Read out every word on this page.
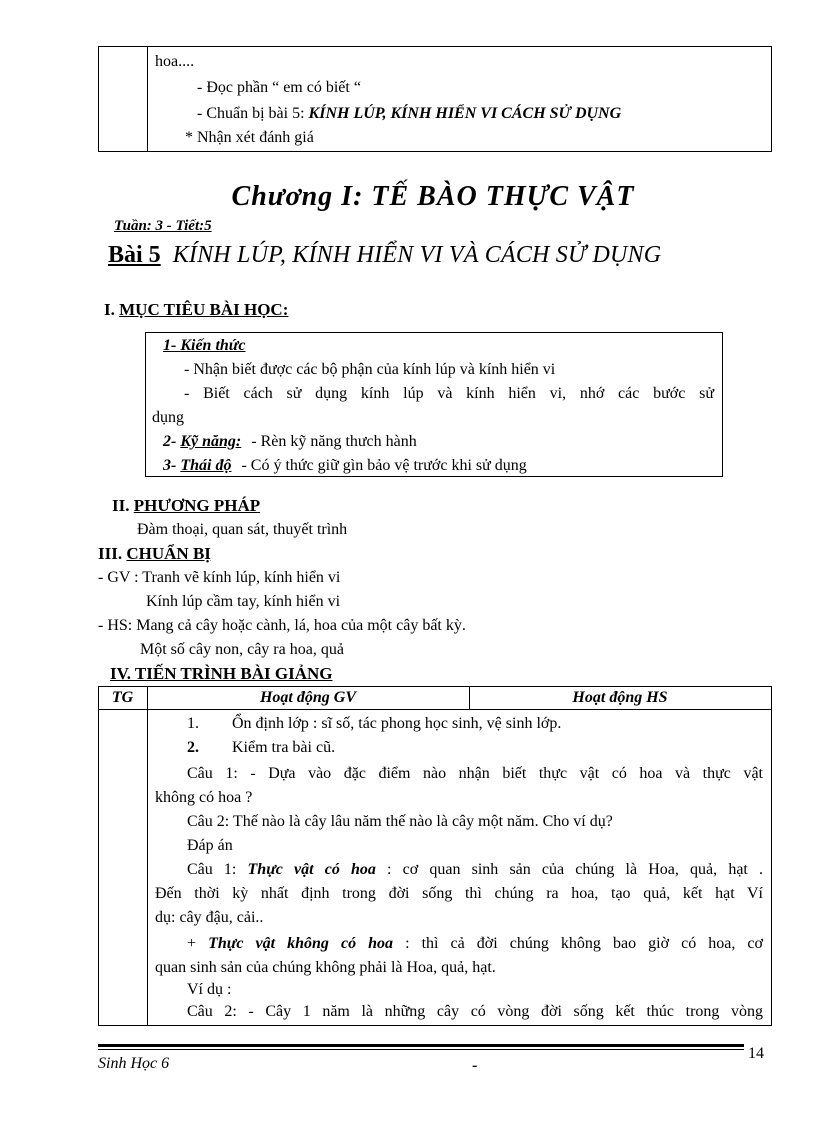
hoa....
- Đọc phần “ em có biết “
- Chuẩn bị bài 5: KÍNH LÚP, KÍNH HIỂN VI CÁCH SỬ DỤNG
* Nhận xét đánh giá
Chương I: TẾ BÀO THỰC VẬT
Tuần: 3 - Tiết:5
Bài 5 KÍNH LÚP, KÍNH HIỂN VI VÀ CÁCH SỬ DỤNG
I. MỤC TIÊU BÀI HỌC:
1- Kiến thức
- Nhận biết được các bộ phận của kính lúp và kính hiển vi
- Biết cách sử dụng kính lúp và kính hiển vi, nhớ các bước sử
dụng
2- Kỹ năng: - Rèn kỹ năng thưch hành
3- Thái độ - Có ý thức giữ gìn bảo vệ trước khi sử dụng
II. PHƯƠNG PHÁP
Đàm thoại, quan sát, thuyết trình
III. CHUẨN BỊ
- GV : Tranh vẽ kính lúp, kính hiển vi
Kính lúp cầm tay, kính hiển vi
- HS: Mang cả cây hoặc cành, lá, hoa của một cây bất kỳ.
Một số cây non, cây ra hoa, quả
IV. TIẾN TRÌNH BÀI GIẢNG
TG	Hoạt động GV	Hoạt động HS
1. Ổn định lớp : sĩ số, tác phong học sinh, vệ sinh lớp.
2. Kiểm tra bài cũ.
Câu 1: - Dựa vào đặc điểm nào nhận biết thực vật có hoa và thực vật
không có hoa ?
Câu 2: Thế nào là cây lâu năm thế nào là cây một năm. Cho ví dụ?
Đáp án
Câu 1: Thực vật có hoa : cơ quan sinh sản của chúng là Hoa, quả, hạt .
Đến thời kỳ nhất định trong đời sống thì chúng ra hoa, tạo quả, kết hạt Ví
dụ: cây đậu, cải..
+ Thực vật không có hoa : thì cả đời chúng không bao giờ có hoa, cơ
quan sinh sản của chúng không phải là Hoa, quả, hạt.
Ví dụ :
Câu 2: - Cây 1 năm là những cây có vòng đời sống kết thúc trong vòng
Sinh Học 6	-
14
